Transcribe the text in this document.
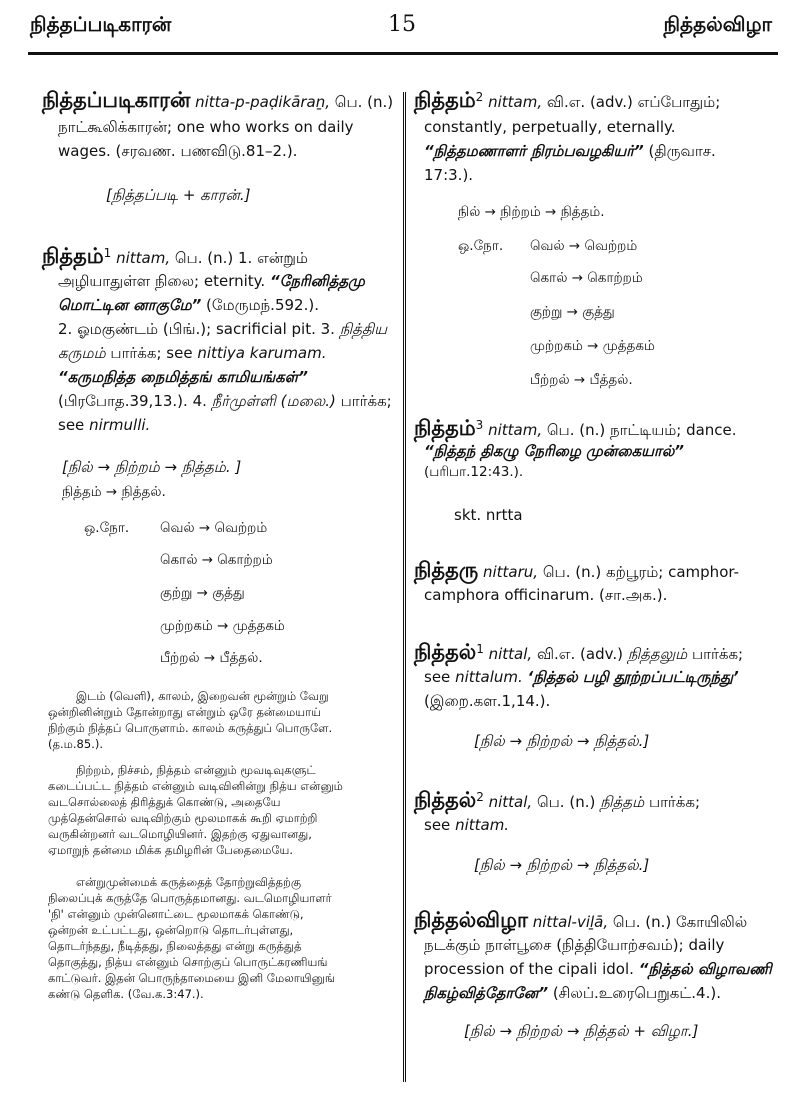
நித்தப்படிகாரன்	15	நித்தல்விழா
நித்தப்படிகாரன் nitta-p-paḍikāraṉ, பெ. (n.)
நாட்கூலிக்காரன்; one who works on daily
wages. (சரவண. பணவிடு.81–2.).
[நித்தப்படி + காரன்.]
நித்தம்$^1$ nittam, பெ. (n.) 1. என்றும்
அழியாதுள்ள நிலை; eternity. “நேரினித்தமு
மொட்டின னாகுமே” (மேருமந்.592.).
2. ஓமகுண்டம் (பிங்.); sacrificial pit. 3. நித்திய
கருமம் பார்க்க; see nittiya karumam.
“கருமநித்த நைமித்தங் காமியங்கள்”
(பிரபோத.39,13.). 4. நீர்முள்ளி (மலை.) பார்க்க;
see nirmulli.
[நில் → நிற்றம் → நித்தம். ]
நித்தம் → நித்தல்.
ஒ.நோ. வெல் → வெற்றம்
கொல் → கொற்றம்
குற்று → குத்து
முற்றகம் → முத்தகம்
பீற்றல் → பீத்தல்.
இடம் (வெளி), காலம், இறைவன் மூன்றும் வேறு
ஒன்றினின்றும் தோன்றாது என்றும் ஒரே தன்மையாய்
நிற்கும் நித்தப் பொருளாம். காலம் கருத்துப் பொருளே.
(த.ம.85.).
நிற்றம், நிச்சம், நித்தம் என்னும் மூவடிவுகளுட்
கடைப்பட்ட நித்தம் என்னும் வடிவினின்று நித்ய என்னும்
வடசொல்லைத் திரித்துக் கொண்டு, அதையே
முத்தென்சொல் வடிவிற்கும் மூலமாகக் கூறி ஏமாற்றி
வருகின்றனர் வடமொழியினர். இதற்கு ஏதுவானது,
ஏமாறுந் தன்மை மிக்க தமிழரின் பேதைமையே.
என்றுமுன்மைக் கருத்தைத் தோற்றுவித்தற்கு
நிலைப்புக் கருத்தே பொருத்தமானது. வடமொழியாளர்
'நி' என்னும் முன்னொட்டை மூலமாகக் கொண்டு,
ஒன்றன் உட்பட்டது, ஒன்றொடு தொடர்புள்ளது,
தொடர்ந்தது, நீடித்தது, நிலைத்தது என்று கருத்துத்
தொகுத்து, நித்ய என்னும் சொற்குப் பொருட்கரணியங்
காட்டுவர். இதன் பொருந்தாமையை இனி மேலாயினுங்
கண்டு தெளிக. (வே.க.3:47.).
நித்தம்$^2$ nittam, வி.எ. (adv.) எப்போதும்;
constantly, perpetually, eternally.
“நித்தமணாளர் நிரம்பவழகியர்” (திருவாச.
17:3.).
நில் → நிற்றம் → நித்தம்.
ஒ.நோ. வெல் → வெற்றம்
கொல் → கொற்றம்
குற்று → குத்து
முற்றகம் → முத்தகம்
பீற்றல் → பீத்தல்.
நித்தம்$^3$ nittam, பெ. (n.) நாட்டியம்; dance.
“நித்தந் திகழு நேரிழை முன்கையால்”
(பரிபா.12:43.).
skt. nrtta
நித்தரு nittaru, பெ. (n.) கற்பூரம்; camphor-
camphora officinarum. (சா.அக.).
நித்தல்$^1$ nittal, வி.எ. (adv.) நித்தலும் பார்க்க;
see nittalum. ‘நித்தல் பழி தூற்றப்பட்டிருந்து’
(இறை.கள.1,14.).
[நில் → நிற்றல் → நித்தல்.]
நித்தல்$^2$ nittal, பெ. (n.) நித்தம் பார்க்க;
see nittam.
[நில் → நிற்றல் → நித்தல்.]
நித்தல்விழா nittal-viḻā, பெ. (n.) கோயிலில்
நடக்கும் நாள்பூசை (நித்தியோற்சவம்); daily
procession of the cipali idol. “நித்தல் விழாவணி
நிகழ்வித்தோனே” (சிலப்.உரைபெறுகட்.4.).
[நில் → நிற்றல் → நித்தல் + விழா.]
